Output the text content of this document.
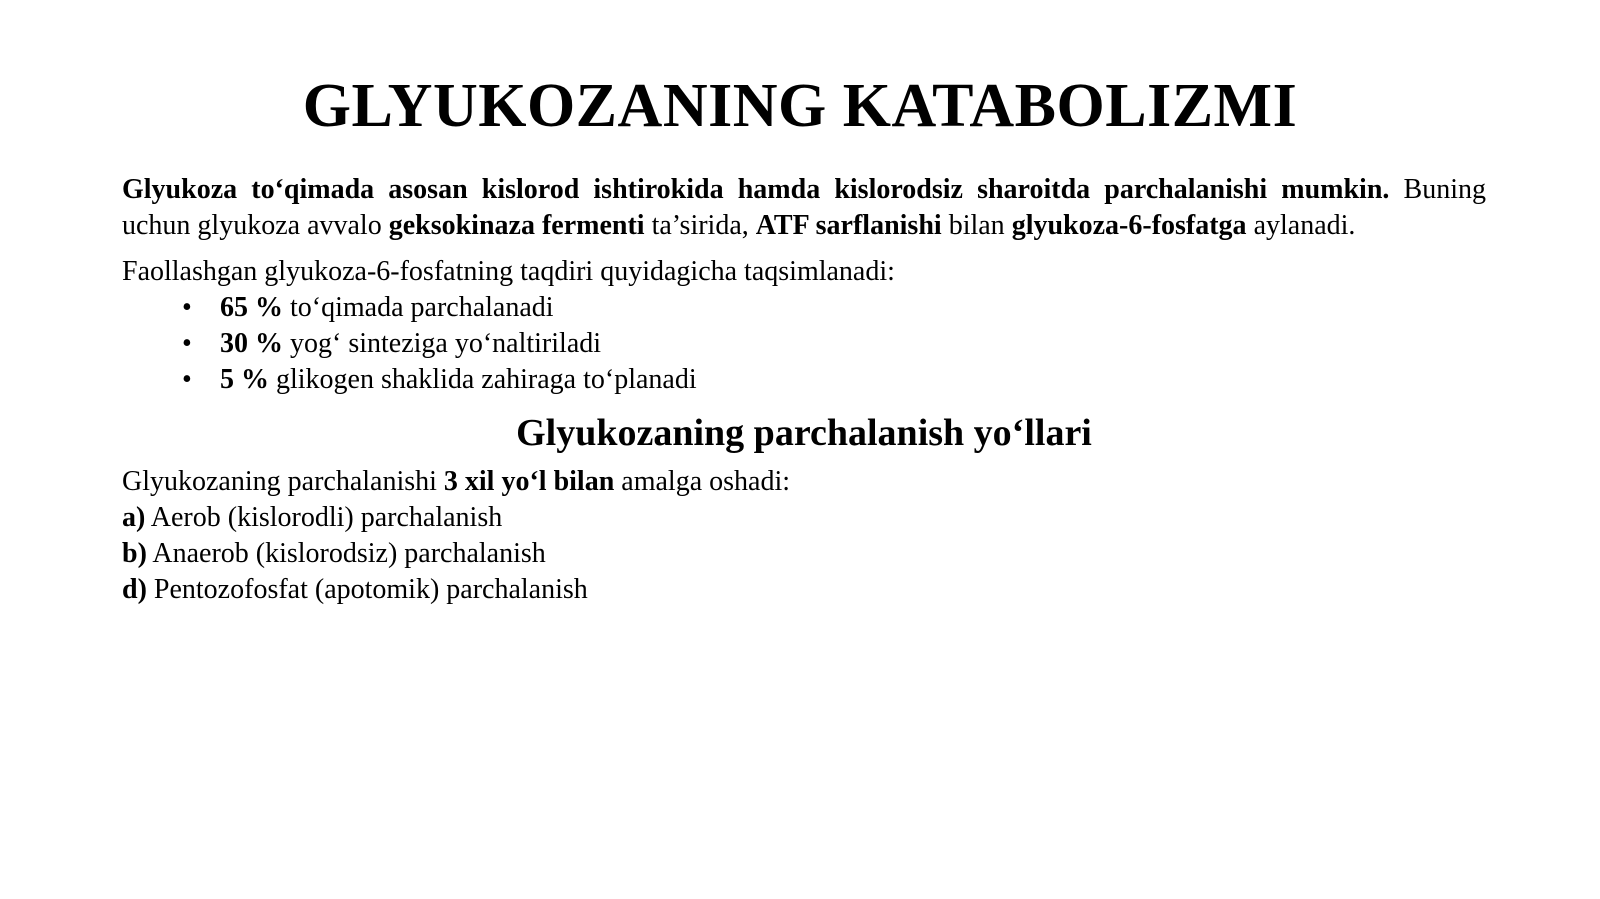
GLYUKOZANING KATABOLIZMI

Glyukoza to‘qimada asosan kislorod ishtirokida hamda kislorodsiz sharoitda parchalanishi mumkin. Buning uchun glyukoza avvalo geksokinaza fermenti ta’sirida, ATF sarflanishi bilan glyukoza-6-fosfatga aylanadi.

Faollashgan glyukoza-6-fosfatning taqdiri quyidagicha taqsimlanadi:

• 65 % to‘qimada parchalanadi
• 30 % yog‘ sinteziga yo‘naltiriladi
• 5 % glikogen shaklida zahiraga to‘planadi
Glyukozaning parchalanish yo‘llari

Glyukozaning parchalanishi 3 xil yo‘l bilan amalga oshadi:

a) Aerob (kislorodli) parchalanish

b) Anaerob (kislorodsiz) parchalanish

d) Pentozofosfat (apotomik) parchalanish
